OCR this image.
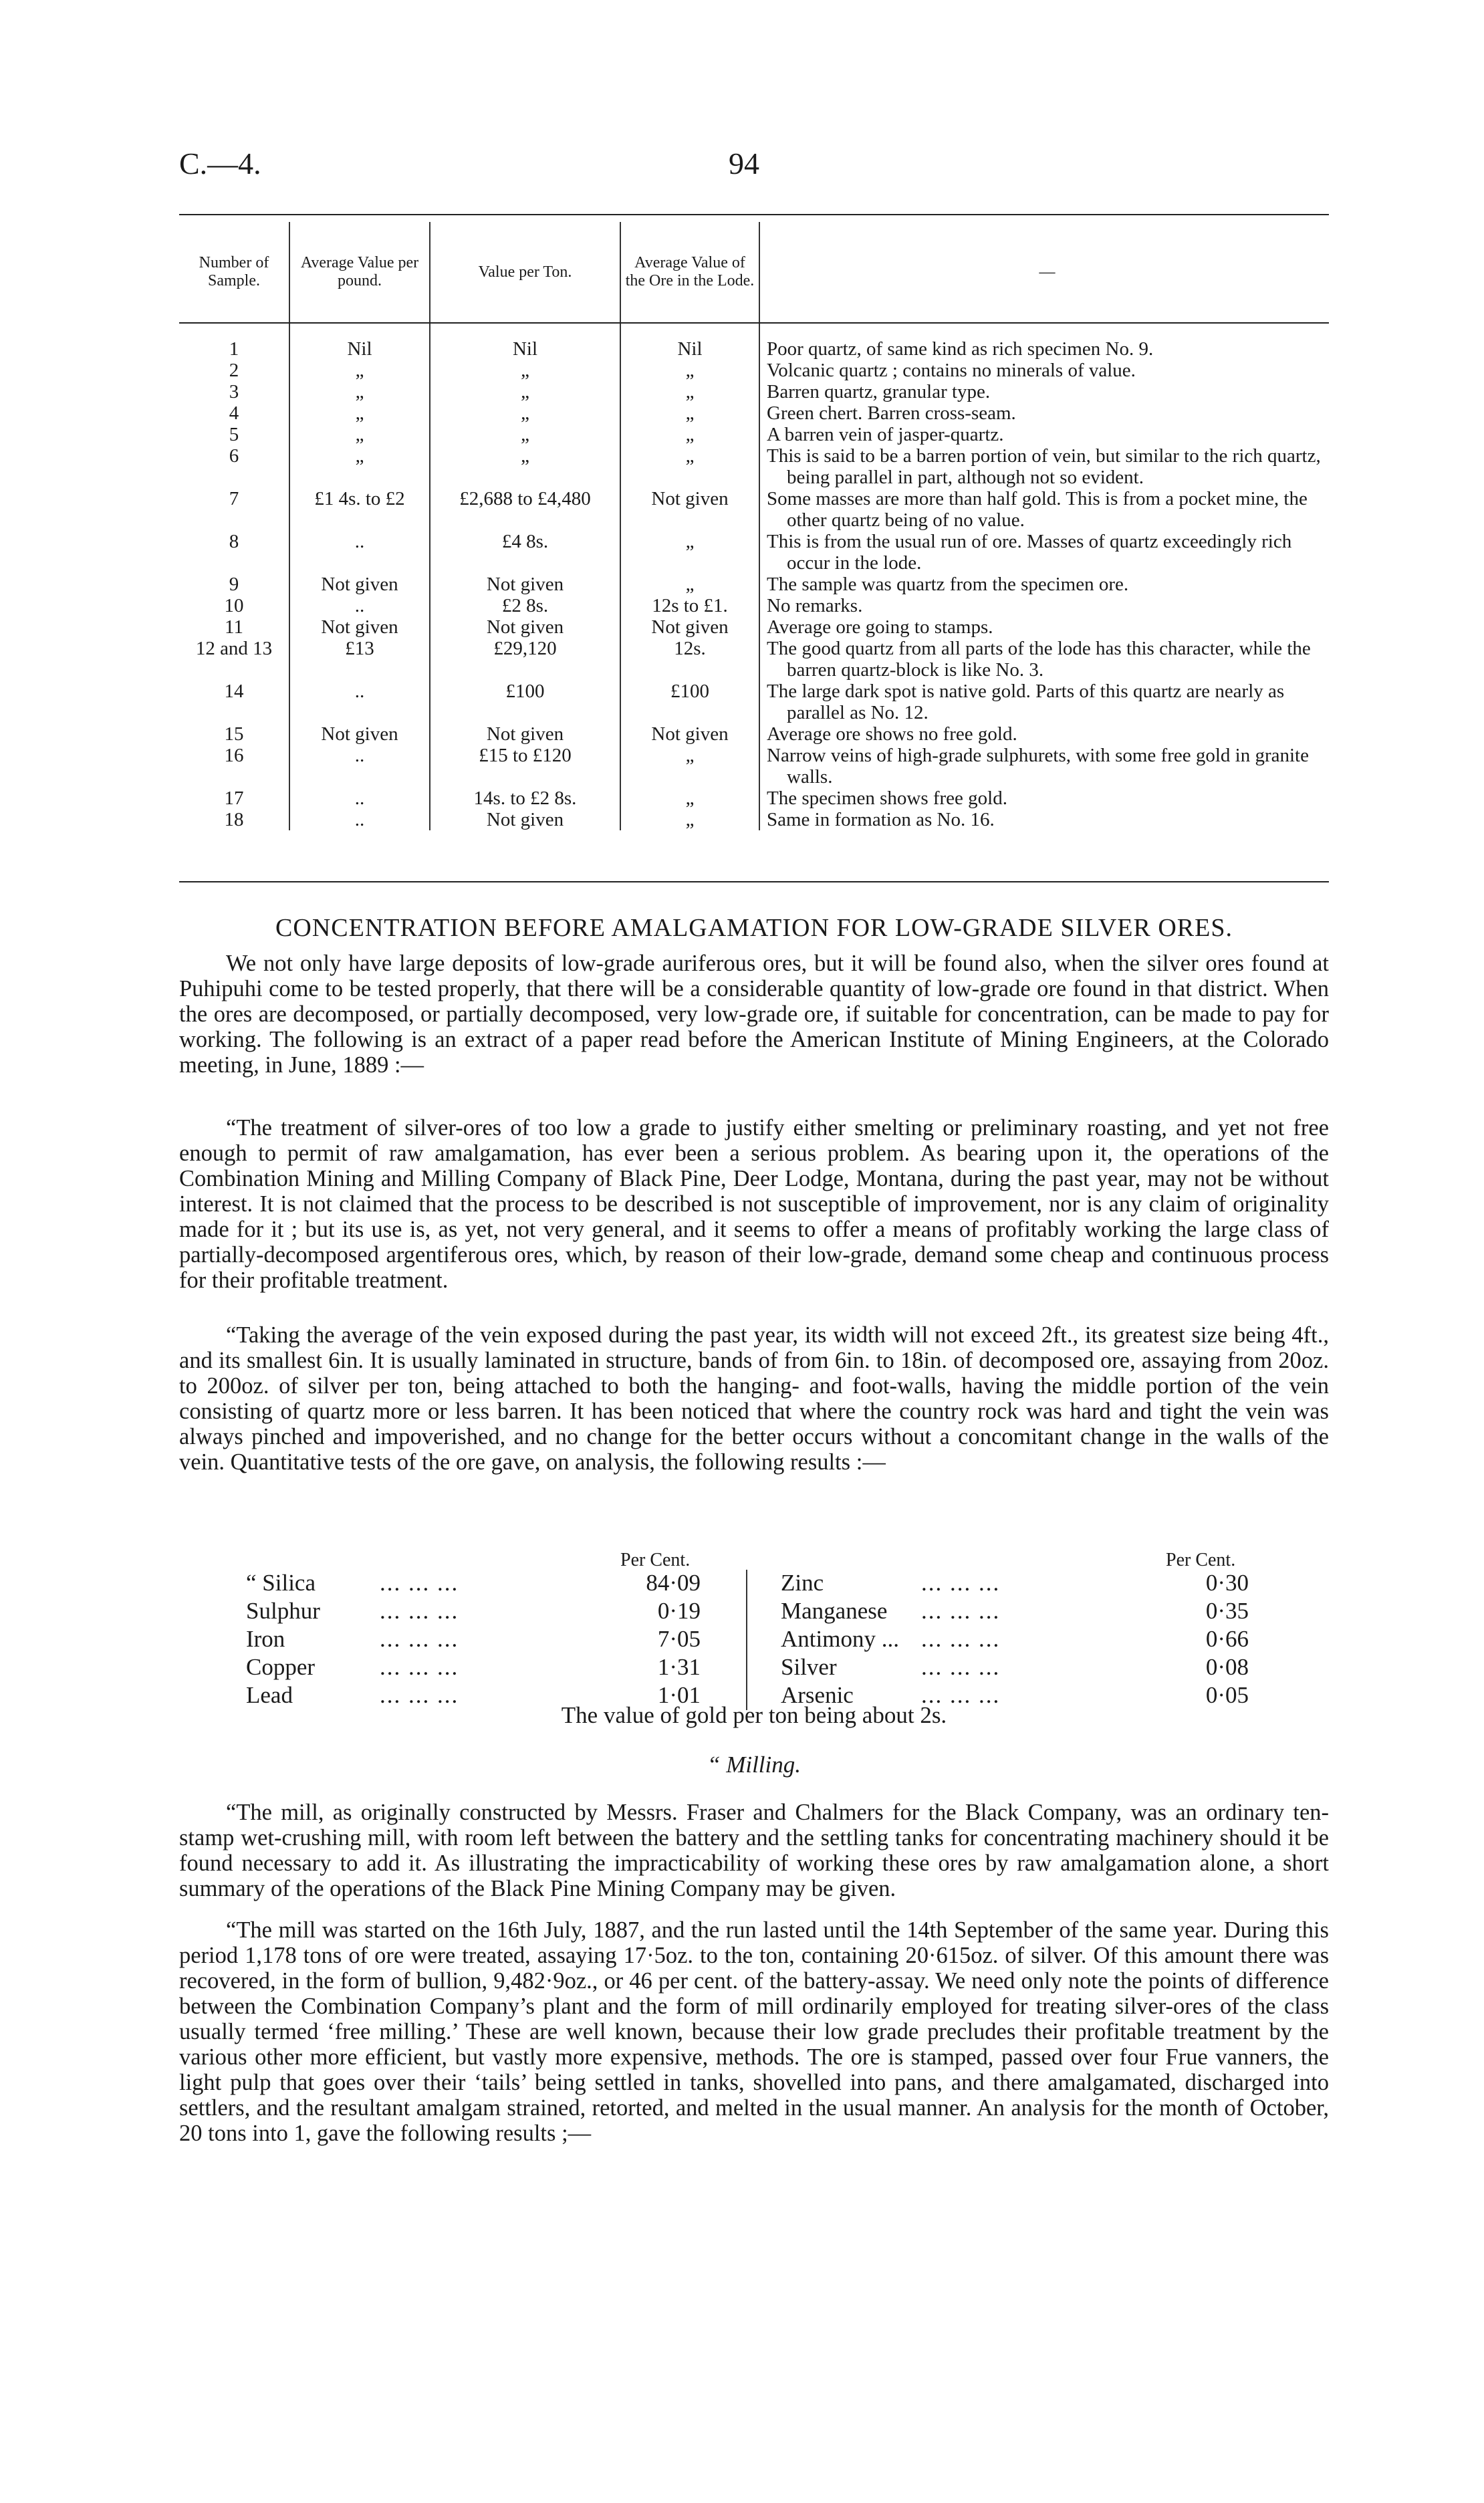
C.—4.	94
Number of Sample.	Average Value per pound.	Value per Ton.	Average Value of the Ore in the Lode.	—
1	Nil	Nil	Nil	Poor quartz, of same kind as rich specimen No. 9.
2	„	„	„	Volcanic quartz ; contains no minerals of value.
3	„	„	„	Barren quartz, granular type.
4	„	„	„	Green chert. Barren cross-seam.
5	„	„	„	A barren vein of jasper-quartz.
6	„	„	„	This is said to be a barren portion of vein, but similar to the rich quartz, being parallel in part, although not so evident.
7	£1 4s. to £2	£2,688 to £4,480	Not given	Some masses are more than half gold. This is from a pocket mine, the other quartz being of no value.
8	..	£4 8s.	„	This is from the usual run of ore. Masses of quartz exceedingly rich occur in the lode.
9	Not given	Not given	„	The sample was quartz from the specimen ore.
10	..	£2 8s.	12s to £1.	No remarks.
11	Not given	Not given	Not given	Average ore going to stamps.
12 and 13	£13	£29,120	12s.	The good quartz from all parts of the lode has this character, while the barren quartz-block is like No. 3.
14	..	£100	£100	The large dark spot is native gold. Parts of this quartz are nearly as parallel as No. 12.
15	Not given	Not given	Not given	Average ore shows no free gold.
16	..	£15 to £120	„	Narrow veins of high-grade sulphurets, with some free gold in granite walls.
17	..	14s. to £2 8s.	„	The specimen shows free gold.
18	..	Not given	„	Same in formation as No. 16.
CONCENTRATION BEFORE AMALGAMATION FOR LOW-GRADE SILVER ORES.

We not only have large deposits of low-grade auriferous ores, but it will be found also, when the silver ores found at Puhipuhi come to be tested properly, that there will be a considerable quantity of low-grade ore found in that district. When the ores are decomposed, or partially decomposed, very low-grade ore, if suitable for concentration, can be made to pay for working. The following is an extract of a paper read before the American Institute of Mining Engineers, at the Colorado meeting, in June, 1889 :—

“The treatment of silver-ores of too low a grade to justify either smelting or preliminary roasting, and yet not free enough to permit of raw amalgamation, has ever been a serious problem. As bearing upon it, the operations of the Combination Mining and Milling Company of Black Pine, Deer Lodge, Montana, during the past year, may not be without interest. It is not claimed that the process to be described is not susceptible of improvement, nor is any claim of originality made for it ; but its use is, as yet, not very general, and it seems to offer a means of profitably working the large class of partially-decomposed argentiferous ores, which, by reason of their low-grade, demand some cheap and continuous process for their profitable treatment.

“Taking the average of the vein exposed during the past year, its width will not exceed 2ft., its greatest size being 4ft., and its smallest 6in. It is usually laminated in structure, bands of from 6in. to 18in. of decomposed ore, assaying from 20oz. to 200oz. of silver per ton, being attached to both the hanging- and foot-walls, having the middle portion of the vein consisting of quartz more or less barren. It has been noticed that where the country rock was hard and tight the vein was always pinched and impoverished, and no change for the better occurs without a concomitant change in the walls of the vein. Quantitative tests of the ore gave, on analysis, the following results :—

Per Cent.	Per Cent.
“ Silica	... ... ...	84·09	Zinc	... ... ...	0·30
Sulphur	... ... ...	0·19	Manganese ... ... ...	0·35
Iron	... ... ...	7·05	Antimony ... ... ... ...	0·66
Copper	... ... ...	1·31	Silver	... ... ...	0·08
Lead	... ... ...	1·01	Arsenic	... ... ...	0·05
The value of gold per ton being about 2s.
“ Milling.

“The mill, as originally constructed by Messrs. Fraser and Chalmers for the Black Company, was an ordinary ten-stamp wet-crushing mill, with room left between the battery and the settling tanks for concentrating machinery should it be found necessary to add it. As illustrating the impracticability of working these ores by raw amalgamation alone, a short summary of the operations of the Black Pine Mining Company may be given.

“The mill was started on the 16th July, 1887, and the run lasted until the 14th September of the same year. During this period 1,178 tons of ore were treated, assaying 17·5oz. to the ton, containing 20·615oz. of silver. Of this amount there was recovered, in the form of bullion, 9,482·9oz., or 46 per cent. of the battery-assay. We need only note the points of difference between the Combination Company’s plant and the form of mill ordinarily employed for treating silver-ores of the class usually termed ‘free milling.’ These are well known, because their low grade precludes their profitable treatment by the various other more efficient, but vastly more expensive, methods. The ore is stamped, passed over four Frue vanners, the light pulp that goes over their ‘tails’ being settled in tanks, shovelled into pans, and there amalgamated, discharged into settlers, and the resultant amalgam strained, retorted, and melted in the usual manner. An analysis for the month of October, 20 tons into 1, gave the following results ;—
